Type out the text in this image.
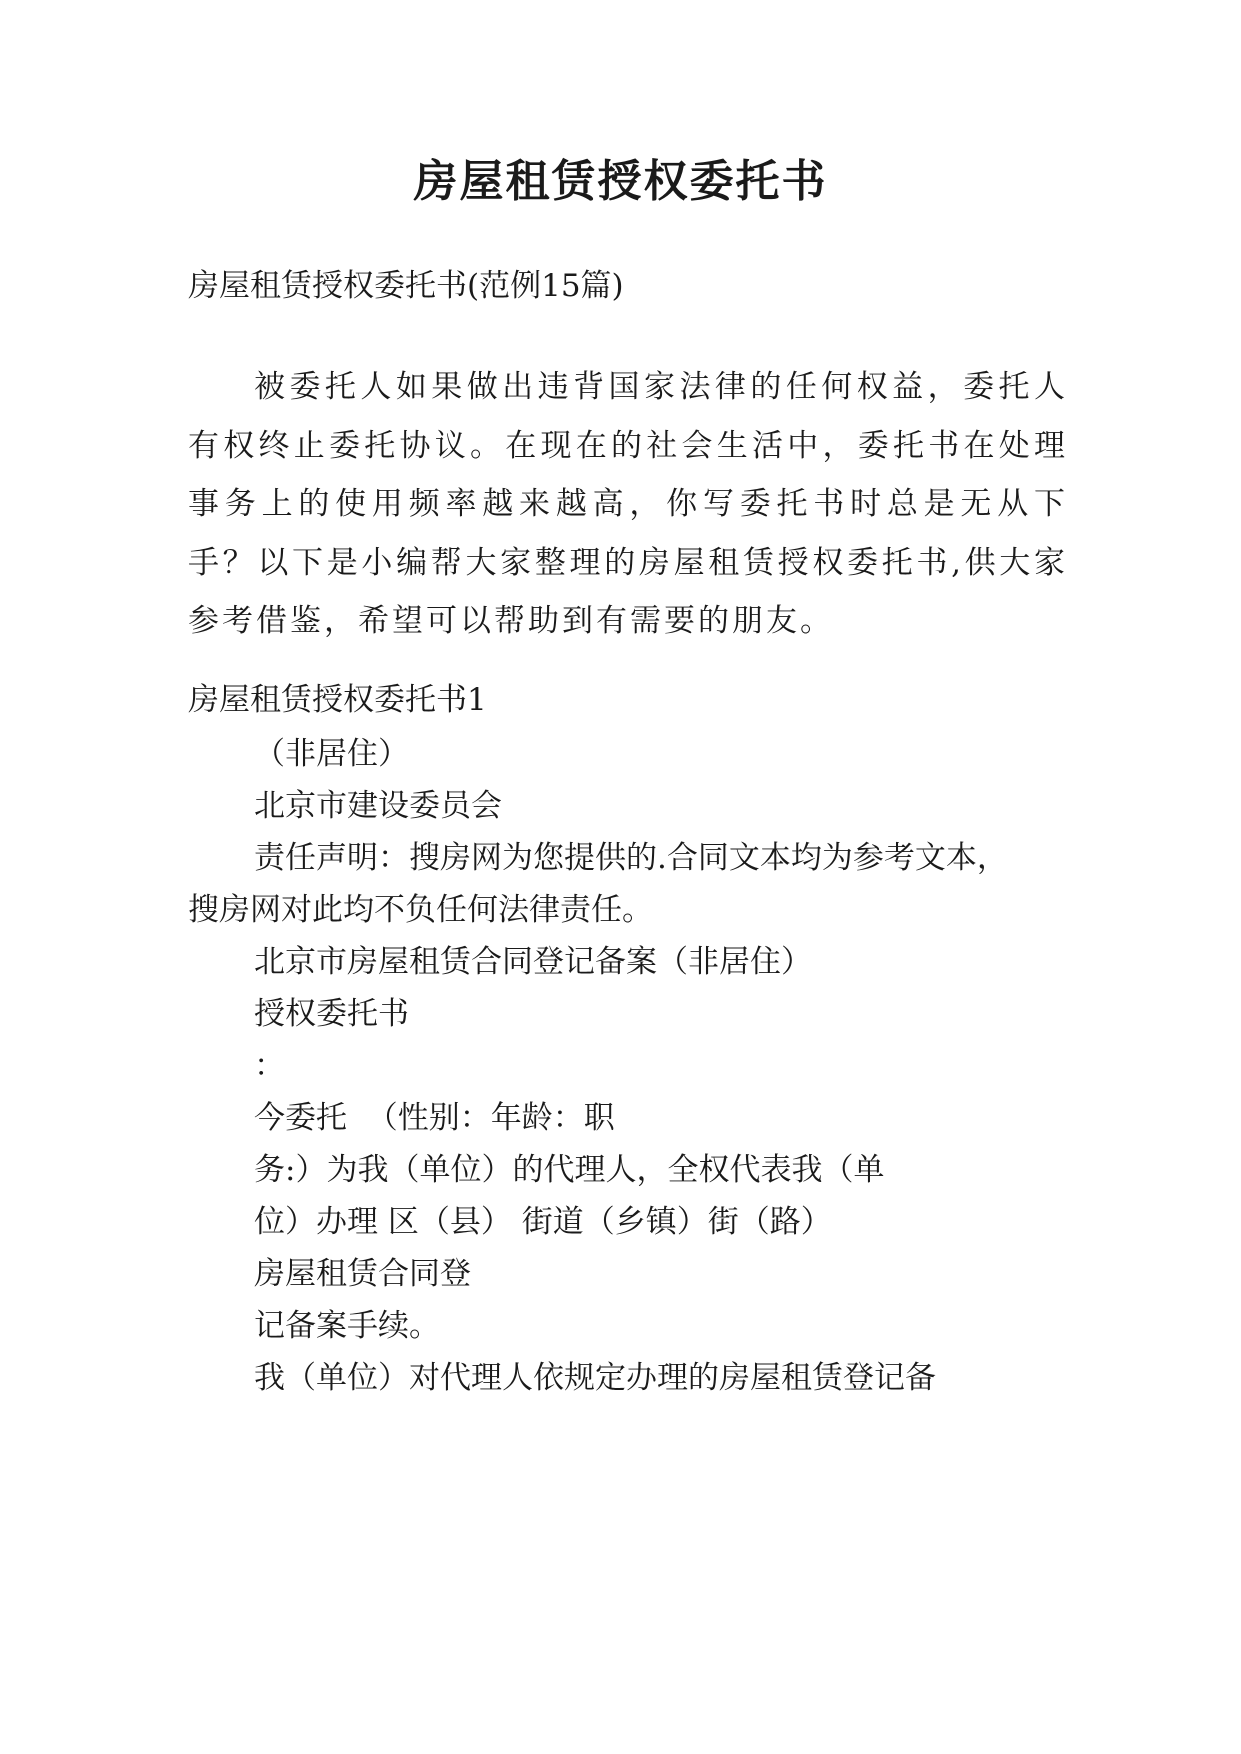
房屋租赁授权委托书

房屋租赁授权委托书(范例15篇)

被委托人如果做出违背国家法律的任何权益，委托人有权终止委托协议。在现在的社会生活中，委托书在处理事务上的使用频率越来越高，你写委托书时总是无从下手？以下是小编帮大家整理的房屋租赁授权委托书,供大家参考借鉴，希望可以帮助到有需要的朋友。

房屋租赁授权委托书1

（非居住）

北京市建设委员会

责任声明：搜房网为您提供的.合同文本均为参考文本，

搜房网对此均不负任何法律责任。

北京市房屋租赁合同登记备案（非居住）

授权委托书

：

今委托  （性别：年龄：职

务:）为我（单位）的代理人，全权代表我（单

位）办理 区（县） 街道（乡镇）街（路）

房屋租赁合同登

记备案手续。

我（单位）对代理人依规定办理的房屋租赁登记备
